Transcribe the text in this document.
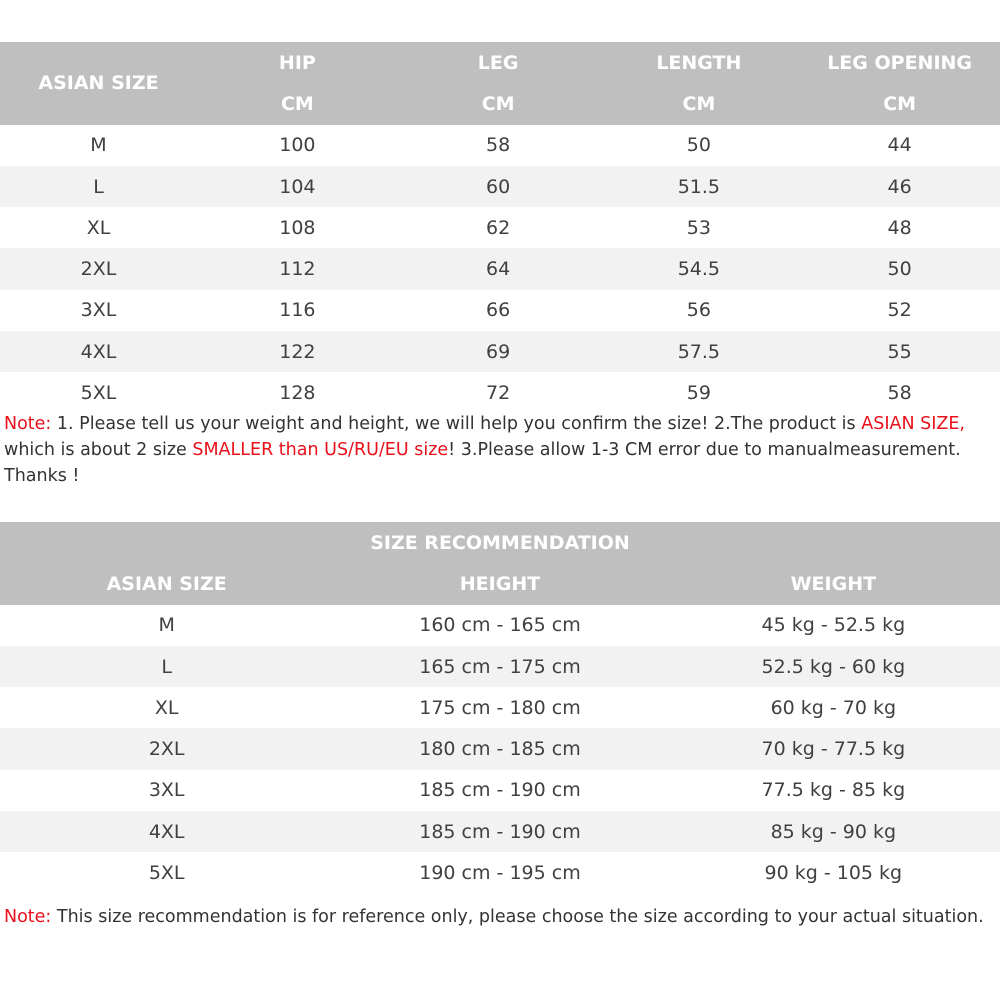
ASIAN SIZE	HIP	LEG	LENGTH	LEG OPENING
	CM	CM	CM	CM
M	100	58	50	44
L	104	60	51.5	46
XL	108	62	53	48
2XL	112	64	54.5	50
3XL	116	66	56	52
4XL	122	69	57.5	55
5XL	128	72	59	58
Note: 1. Please tell us your weight and height, we will help you confirm the size! 2.The product is ASIAN SIZE, which is about 2 size SMALLER than US/RU/EU size! 3.Please allow 1-3 CM error due to manualmeasurement. Thanks !
SIZE RECOMMENDATION		
ASIAN SIZE	HEIGHT	WEIGHT
M	160 cm - 165 cm	45 kg - 52.5 kg
L	165 cm - 175 cm	52.5 kg - 60 kg
XL	175 cm - 180 cm	60 kg - 70 kg
2XL	180 cm - 185 cm	70 kg - 77.5 kg
3XL	185 cm - 190 cm	77.5 kg - 85 kg
4XL	185 cm - 190 cm	85 kg - 90 kg
5XL	190 cm - 195 cm	90 kg - 105 kg
Note: This size recommendation is for reference only, please choose the size according to your actual situation.
